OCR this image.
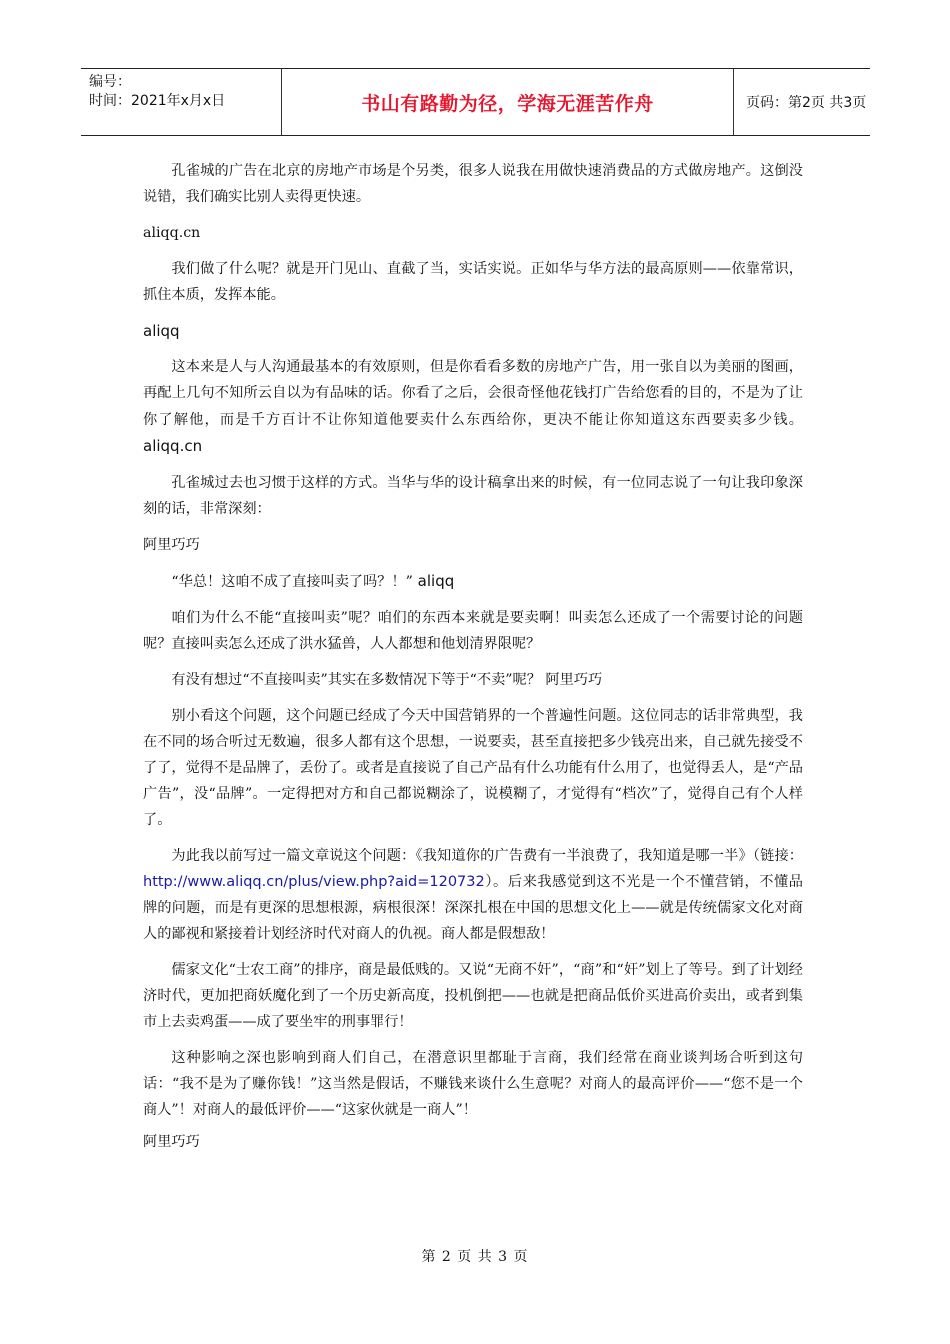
编号：
时间：2021年x月x日	书山有路勤为径，学海无涯苦作舟	页码：第2页 共3页

孔雀城的广告在北京的房地产市场是个另类，很多人说我在用做快速消费品的方式做房地产。这倒没说错，我们确实比别人卖得更快速。

aliqq.cn

我们做了什么呢？就是开门见山、直截了当，实话实说。正如华与华方法的最高原则——依靠常识，抓住本质，发挥本能。

aliqq

这本来是人与人沟通最基本的有效原则，但是你看看多数的房地产广告，用一张自以为美丽的图画，再配上几句不知所云自以为有品味的话。你看了之后，会很奇怪他花钱打广告给您看的目的，不是为了让你了解他，而是千方百计不让你知道他要卖什么东西给你，更决不能让你知道这东西要卖多少钱。 aliqq.cn

孔雀城过去也习惯于这样的方式。当华与华的设计稿拿出来的时候，有一位同志说了一句让我印象深刻的话，非常深刻：

阿里巧巧

“华总！这咱不成了直接叫卖了吗？！” aliqq

咱们为什么不能“直接叫卖”呢？咱们的东西本来就是要卖啊！叫卖怎么还成了一个需要讨论的问题呢？直接叫卖怎么还成了洪水猛兽，人人都想和他划清界限呢？

有没有想过“不直接叫卖”其实在多数情况下等于“不卖”呢？ 阿里巧巧

别小看这个问题，这个问题已经成了今天中国营销界的一个普遍性问题。这位同志的话非常典型，我在不同的场合听过无数遍，很多人都有这个思想，一说要卖，甚至直接把多少钱亮出来，自己就先接受不了了，觉得不是品牌了，丢份了。或者是直接说了自己产品有什么功能有什么用了，也觉得丢人，是“产品广告”，没“品牌”。一定得把对方和自己都说糊涂了，说模糊了，才觉得有“档次”了，觉得自己有个人样了。

为此我以前写过一篇文章说这个问题：《我知道你的广告费有一半浪费了，我知道是哪一半》（链接：http://www.aliqq.cn/plus/view.php?aid=120732）。后来我感觉到这不光是一个不懂营销，不懂品牌的问题，而是有更深的思想根源，病根很深！深深扎根在中国的思想文化上——就是传统儒家文化对商人的鄙视和紧接着计划经济时代对商人的仇视。商人都是假想敌！

儒家文化“士农工商”的排序，商是最低贱的。又说“无商不奸”，“商”和“奸”划上了等号。到了计划经济时代，更加把商妖魔化到了一个历史新高度，投机倒把——也就是把商品低价买进高价卖出，或者到集市上去卖鸡蛋——成了要坐牢的刑事罪行！

这种影响之深也影响到商人们自己，在潜意识里都耻于言商，我们经常在商业谈判场合听到这句话：“我不是为了赚你钱！”这当然是假话，不赚钱来谈什么生意呢？对商人的最高评价——“您不是一个商人”！对商人的最低评价——“这家伙就是一商人”！

阿里巧巧

第 2 页 共 3 页
